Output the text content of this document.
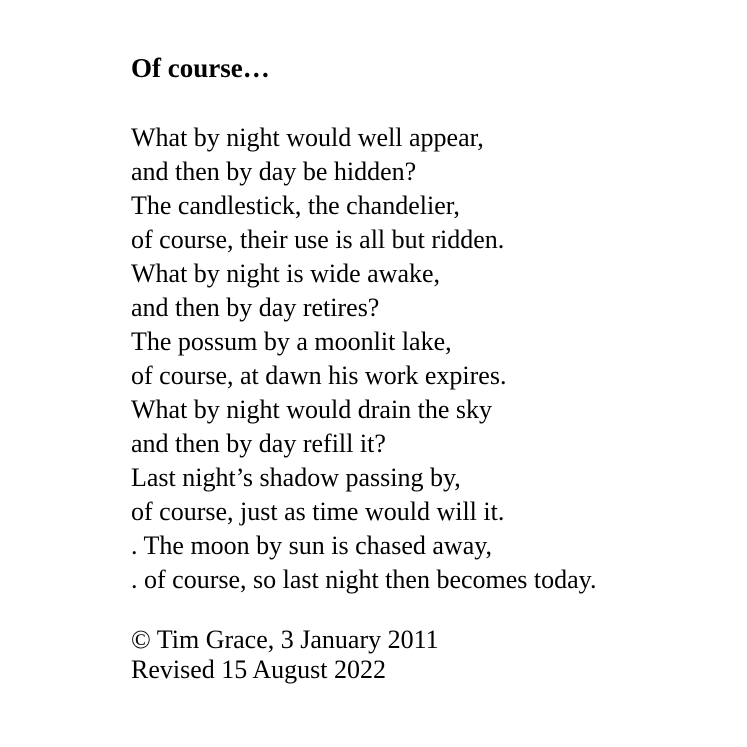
Of course…
What by night would well appear,
and then by day be hidden?
The candlestick, the chandelier,
of course, their use is all but ridden.
What by night is wide awake,
and then by day retires?
The possum by a moonlit lake,
of course, at dawn his work expires.
What by night would drain the sky
and then by day refill it?
Last night’s shadow passing by,
of course, just as time would will it.
. The moon by sun is chased away,
. of course, so last night then becomes today.
© Tim Grace, 3 January 2011
Revised 15 August 2022
